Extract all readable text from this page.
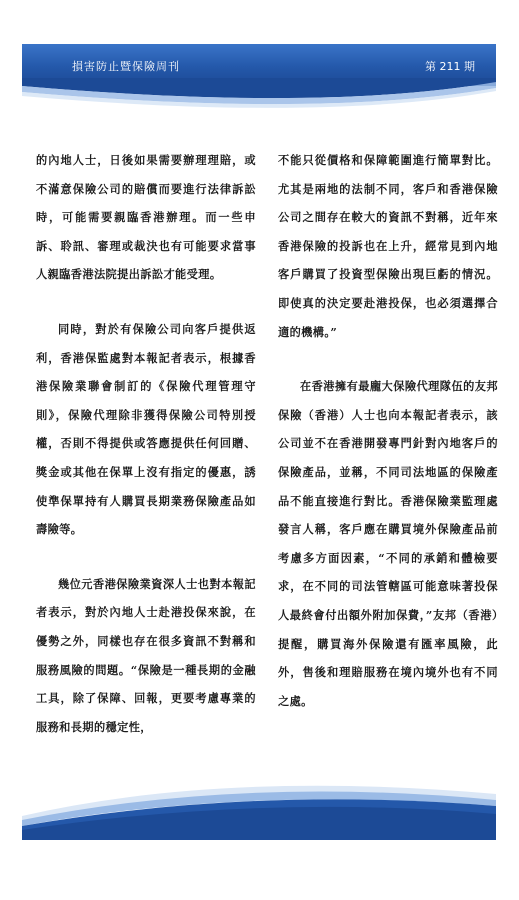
損害防止暨保險周刊	第 211 期

的內地人士，日後如果需要辦理理賠，或不滿意保險公司的賠償而要進行法律訴訟時，可能需要親臨香港辦理。而一些申訴、聆訊、審理或裁決也有可能要求當事人親臨香港法院提出訴訟才能受理。

同時，對於有保險公司向客戶提供返利，香港保監處對本報記者表示，根據香港保險業聯會制訂的《保險代理管理守則》，保險代理除非獲得保險公司特別授權，否則不得提供或答應提供任何回贈、獎金或其他在保單上沒有指定的優惠，誘使準保單持有人購買長期業務保險產品如壽險等。

幾位元香港保險業資深人士也對本報記者表示，對於內地人士赴港投保來說，在優勢之外，同樣也存在很多資訊不對稱和服務風險的問題。“保險是一種長期的金融工具，除了保障、回報，更要考慮專業的服務和長期的穩定性，

不能只從價格和保障範圍進行簡單對比。尤其是兩地的法制不同，客戶和香港保險公司之間存在較大的資訊不對稱，近年來香港保險的投訴也在上升，經常見到內地客戶購買了投資型保險出現巨虧的情況。即使真的決定要赴港投保，也必須選擇合適的機構。”

在香港擁有最龐大保險代理隊伍的友邦保險（香港）人士也向本報記者表示，該公司並不在香港開發專門針對內地客戶的保險產品，並稱，不同司法地區的保險產品不能直接進行對比。香港保險業監理處發言人稱，客戶應在購買境外保險產品前考慮多方面因素，“不同的承銷和體檢要求，在不同的司法管轄區可能意味著投保人最終會付出額外附加保費，”友邦（香港）提醒，購買海外保險還有匯率風險，此外，售後和理賠服務在境內境外也有不同之處。
